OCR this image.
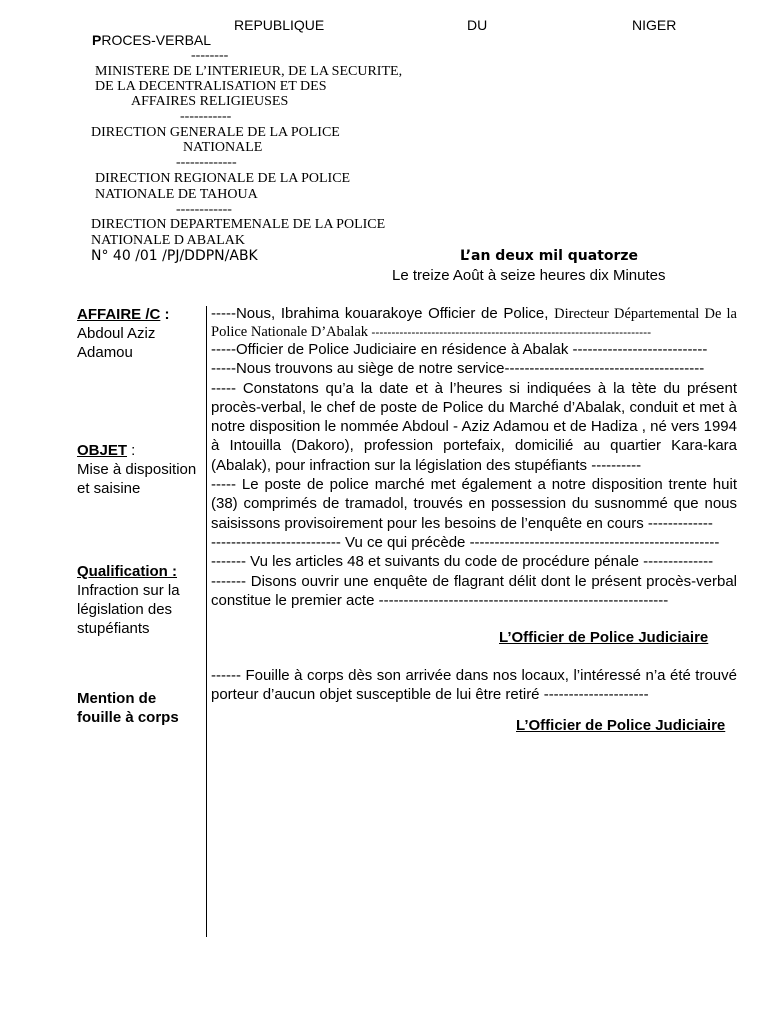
REPUBLIQUE	DU	NIGER
PROCES-VERBAL
--------
MINISTERE DE L’INTERIEUR, DE LA SECURITE,
DE LA DECENTRALISATION ET DES
AFFAIRES RELIGIEUSES
-----------
DIRECTION GENERALE DE LA POLICE
NATIONALE
-------------
DIRECTION REGIONALE DE LA POLICE
NATIONALE DE TAHOUA
------------
DIRECTION DEPARTEMENALE DE LA POLICE
NATIONALE D ABALAK
N° 40 /01 /PJ/DDPN/ABK	L’an deux mil quatorze
Le treize Août à seize heures dix Minutes
AFFAIRE /C :
Abdoul Aziz Adamou
OBJET :
Mise à disposition et saisine
Qualification :
Infraction sur la législation des stupéfiants
Mention de fouille à corps

-----Nous, Ibrahima kouarakoye Officier de Police, Directeur Départemental De la Police Nationale D’Abalak ----------------------------------------------------------------------

-----Officier de Police Judiciaire en résidence à Abalak ---------------------------

-----Nous trouvons au siège de notre service----------------------------------------

----- Constatons qu’a la date et à l’heures si indiquées à la tète du présent procès-verbal, le chef de poste de Police du Marché d’Abalak, conduit et met à notre disposition le nommée Abdoul - Aziz Adamou et de Hadiza , né vers 1994 à Intouilla (Dakoro), profession portefaix, domicilié au quartier Kara-kara (Abalak), pour infraction sur la législation des stupéfiants ----------

----- Le poste de police marché met également a notre disposition trente huit (38) comprimés de tramadol, trouvés en possession du susnommé que nous saisissons provisoirement pour les besoins de l’enquête en cours -------------

-------------------------- Vu ce qui précède --------------------------------------------------

------- Vu les articles 48 et suivants du code de procédure pénale --------------

------- Disons ouvrir une enquête de flagrant délit dont le présent procès-verbal constitue le premier acte ----------------------------------------------------------

L’Officier de Police Judiciaire

------ Fouille à corps dès son arrivée dans nos locaux, l’intéressé n’a été trouvé porteur d’aucun objet susceptible de lui être retiré ---------------------

L’Officier de Police Judiciaire
